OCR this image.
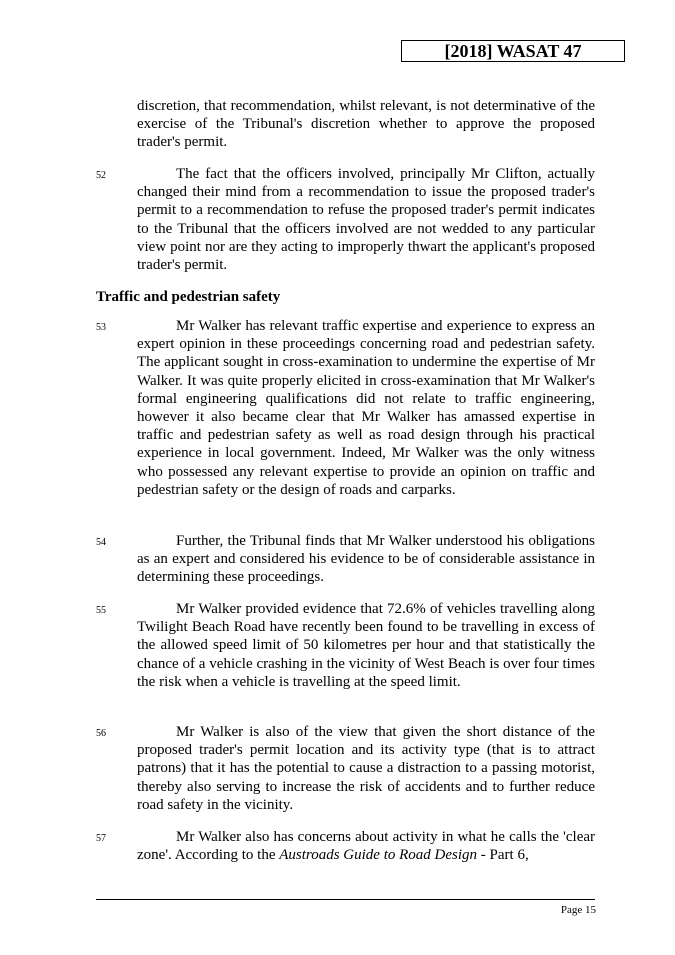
[2018] WASAT 47
discretion, that recommendation, whilst relevant, is not determinative of the exercise of the Tribunal's discretion whether to approve the proposed trader's permit.
52	The fact that the officers involved, principally Mr Clifton, actually changed their mind from a recommendation to issue the proposed trader's permit to a recommendation to refuse the proposed trader's permit indicates to the Tribunal that the officers involved are not wedded to any particular view point nor are they acting to improperly thwart the applicant's proposed trader's permit.
Traffic and pedestrian safety
53	Mr Walker has relevant traffic expertise and experience to express an expert opinion in these proceedings concerning road and pedestrian safety. The applicant sought in cross-examination to undermine the expertise of Mr Walker. It was quite properly elicited in cross-examination that Mr Walker's formal engineering qualifications did not relate to traffic engineering, however it also became clear that Mr Walker has amassed expertise in traffic and pedestrian safety as well as road design through his practical experience in local government. Indeed, Mr Walker was the only witness who possessed any relevant expertise to provide an opinion on traffic and pedestrian safety or the design of roads and carparks.
54	Further, the Tribunal finds that Mr Walker understood his obligations as an expert and considered his evidence to be of considerable assistance in determining these proceedings.
55	Mr Walker provided evidence that 72.6% of vehicles travelling along Twilight Beach Road have recently been found to be travelling in excess of the allowed speed limit of 50 kilometres per hour and that statistically the chance of a vehicle crashing in the vicinity of West Beach is over four times the risk when a vehicle is travelling at the speed limit.
56	Mr Walker is also of the view that given the short distance of the proposed trader's permit location and its activity type (that is to attract patrons) that it has the potential to cause a distraction to a passing motorist, thereby also serving to increase the risk of accidents and to further reduce road safety in the vicinity.
57	Mr Walker also has concerns about activity in what he calls the 'clear zone'. According to the Austroads Guide to Road Design - Part 6,
Page 15
